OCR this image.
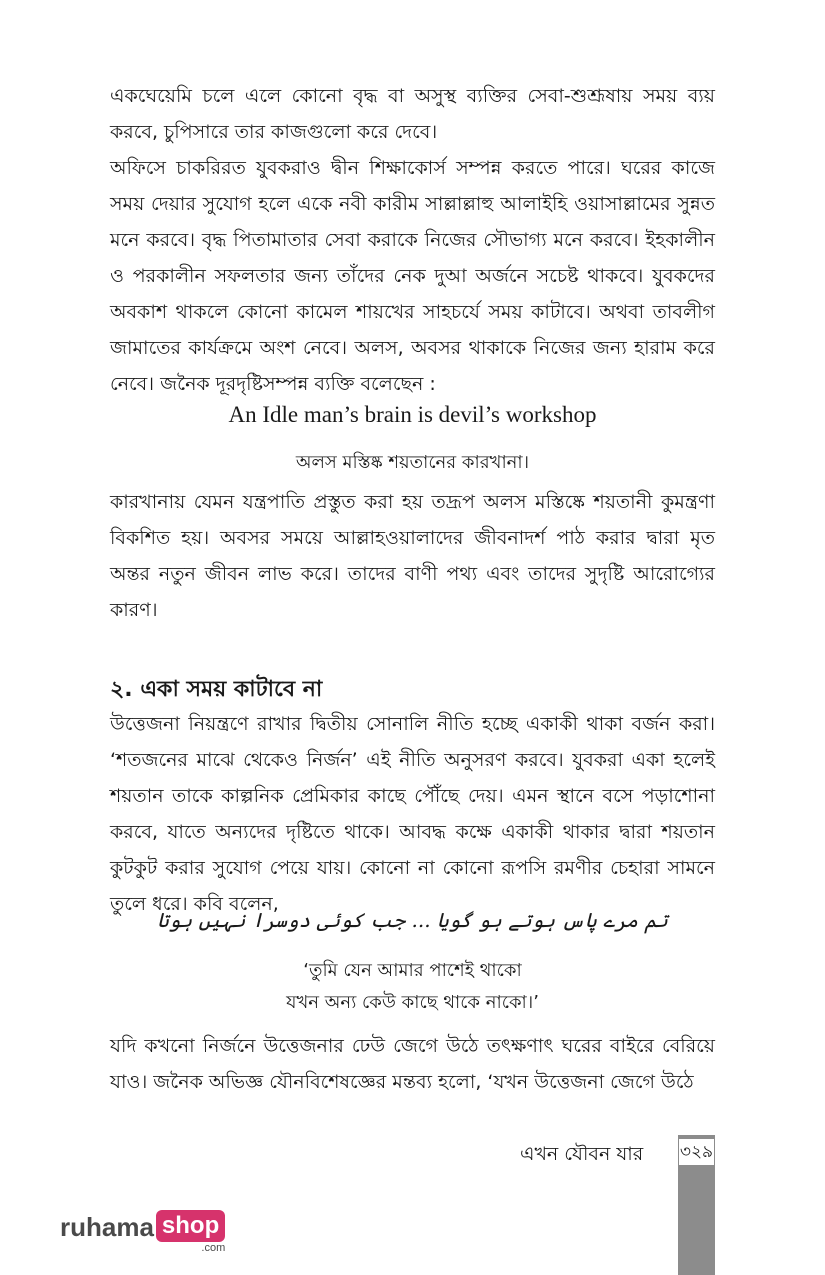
একঘেয়েমি চলে এলে কোনো বৃদ্ধ বা অসুস্থ ব্যক্তির সেবা-শুশ্রূষায় সময় ব্যয় করবে, চুপিসারে তার কাজগুলো করে দেবে।

অফিসে চাকরিরত যুবকরাও দ্বীন শিক্ষাকোর্স সম্পন্ন করতে পারে। ঘরের কাজে সময় দেয়ার সুযোগ হলে একে নবী কারীম সাল্লাল্লাহু আলাইহি ওয়াসাল্লামের সুন্নত মনে করবে। বৃদ্ধ পিতামাতার সেবা করাকে নিজের সৌভাগ্য মনে করবে। ইহকালীন ও পরকালীন সফলতার জন্য তাঁদের নেক দুআ অর্জনে সচেষ্ট থাকবে। যুবকদের অবকাশ থাকলে কোনো কামেল শায়খের সাহচর্যে সময় কাটাবে। অথবা তাবলীগ জামাতের কার্যক্রমে অংশ নেবে। অলস, অবসর থাকাকে নিজের জন্য হারাম করে নেবে। জনৈক দূরদৃষ্টিসম্পন্ন ব্যক্তি বলেছেন :

An Idle man’s brain is devil’s workshop

অলস মস্তিষ্ক শয়তানের কারখানা।

কারখানায় যেমন যন্ত্রপাতি প্রস্তুত করা হয় তদ্রূপ অলস মস্তিষ্কে শয়তানী কুমন্ত্রণা বিকশিত হয়। অবসর সময়ে আল্লাহওয়ালাদের জীবনাদর্শ পাঠ করার দ্বারা মৃত অন্তর নতুন জীবন লাভ করে। তাদের বাণী পথ্য এবং তাদের সুদৃষ্টি আরোগ্যের কারণ।

২. একা সময় কাটাবে না

উত্তেজনা নিয়ন্ত্রণে রাখার দ্বিতীয় সোনালি নীতি হচ্ছে একাকী থাকা বর্জন করা। ‘শতজনের মাঝে থেকেও নির্জন’ এই নীতি অনুসরণ করবে। যুবকরা একা হলেই শয়তান তাকে কাল্পনিক প্রেমিকার কাছে পৌঁছে দেয়। এমন স্থানে বসে পড়াশোনা করবে, যাতে অন্যদের দৃষ্টিতে থাকে। আবদ্ধ কক্ষে একাকী থাকার দ্বারা শয়তান কুটকুট করার সুযোগ পেয়ে যায়। কোনো না কোনো রূপসি রমণীর চেহারা সামনে তুলে ধরে। কবি বলেন,

تم مرے پاس ہوتے ہو گویا ... جب کوئی دوسرا نہیں ہوتا

‘তুমি যেন আমার পাশেই থাকো

যখন অন্য কেউ কাছে থাকে নাকো।’

যদি কখনো নির্জনে উত্তেজনার ঢেউ জেগে উঠে তৎক্ষণাৎ ঘরের বাইরে বেরিয়ে যাও। জনৈক অভিজ্ঞ যৌনবিশেষজ্ঞের মন্তব্য হলো, ‘যখন উত্তেজনা জেগে উঠে

এখন যৌবন যার ৩২৯
ruhama shop
.com
